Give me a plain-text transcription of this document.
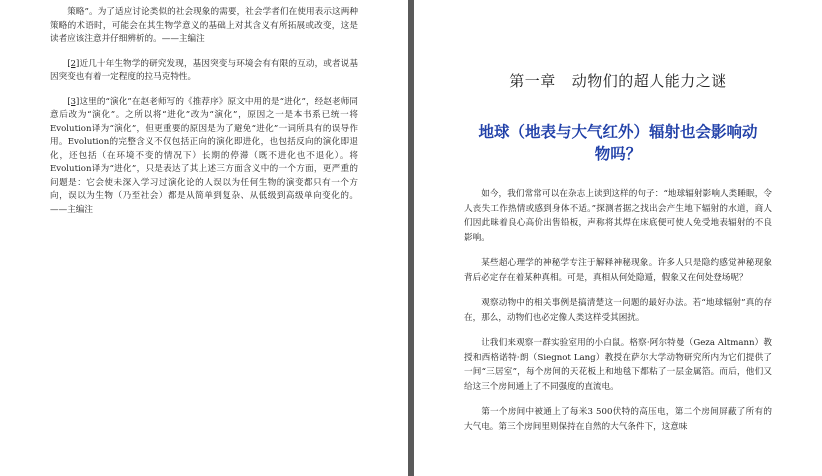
策略”。为了适应讨论类似的社会现象的需要，社会学者们在使用表示这两种策略的术语时，可能会在其生物学意义的基础上对其含义有所拓展或改变，这是读者应该注意并仔细辨析的。——主编注

[2]近几十年生物学的研究发现，基因突变与环境会有有限的互动，或者说基因突变也有着一定程度的拉马克特性。

[3]这里的“演化”在赵老师写的《推荐序》原文中用的是“进化”，经赵老师同意后改为“演化”。之所以将“进化”改为“演化”，原因之一是本书系已统一将Evolution译为“演化”，但更重要的原因是为了避免“进化”一词所具有的误导作用。Evolution的完整含义不仅包括正向的演化即进化，也包括反向的演化即退化，还包括（在环境不变的情况下）长期的停滞（既不进化也不退化）。将Evolution译为“进化”，只是表达了其上述三方面含义中的一个方面，更严重的问题是：它会使未深入学习过演化论的人误以为任何生物的演变都只有一个方向，误以为生物（乃至社会）都是从简单到复杂、从低级到高级单向变化的。——主编注

第一章 动物们的超人能力之谜
地球（地表与大气红外）辐射也会影响动物吗？

如今，我们常常可以在杂志上读到这样的句子：“地球辐射影响人类睡眠，令人丧失工作热情或感到身体不适。”探测者据之找出会产生地下辐射的水道，商人们因此昧着良心高价出售铅板，声称将其焊在床底便可使人免受地表辐射的不良影响。

某些超心理学的神秘学专注于解释神秘现象。许多人只是隐约感觉神秘现象背后必定存在着某种真相。可是，真相从何处隐遁，假象又在何处登场呢？

观察动物中的相关事例是搞清楚这一问题的最好办法。若“地球辐射”真的存在，那么，动物们也必定像人类这样受其困扰。

让我们来观察一群实验室用的小白鼠。格察·阿尔特曼（Geza Altmann）教授和西格诺特·朗（Siegnot Lang）教授在萨尔大学动物研究所内为它们提供了一间“三居室”，每个房间的天花板上和地毯下都粘了一层金属箔。而后，他们又给这三个房间通上了不同强度的直流电。

第一个房间中被通上了每米3 500伏特的高压电，第二个房间屏蔽了所有的大气电。第三个房间里则保持在自然的大气条件下，这意味
